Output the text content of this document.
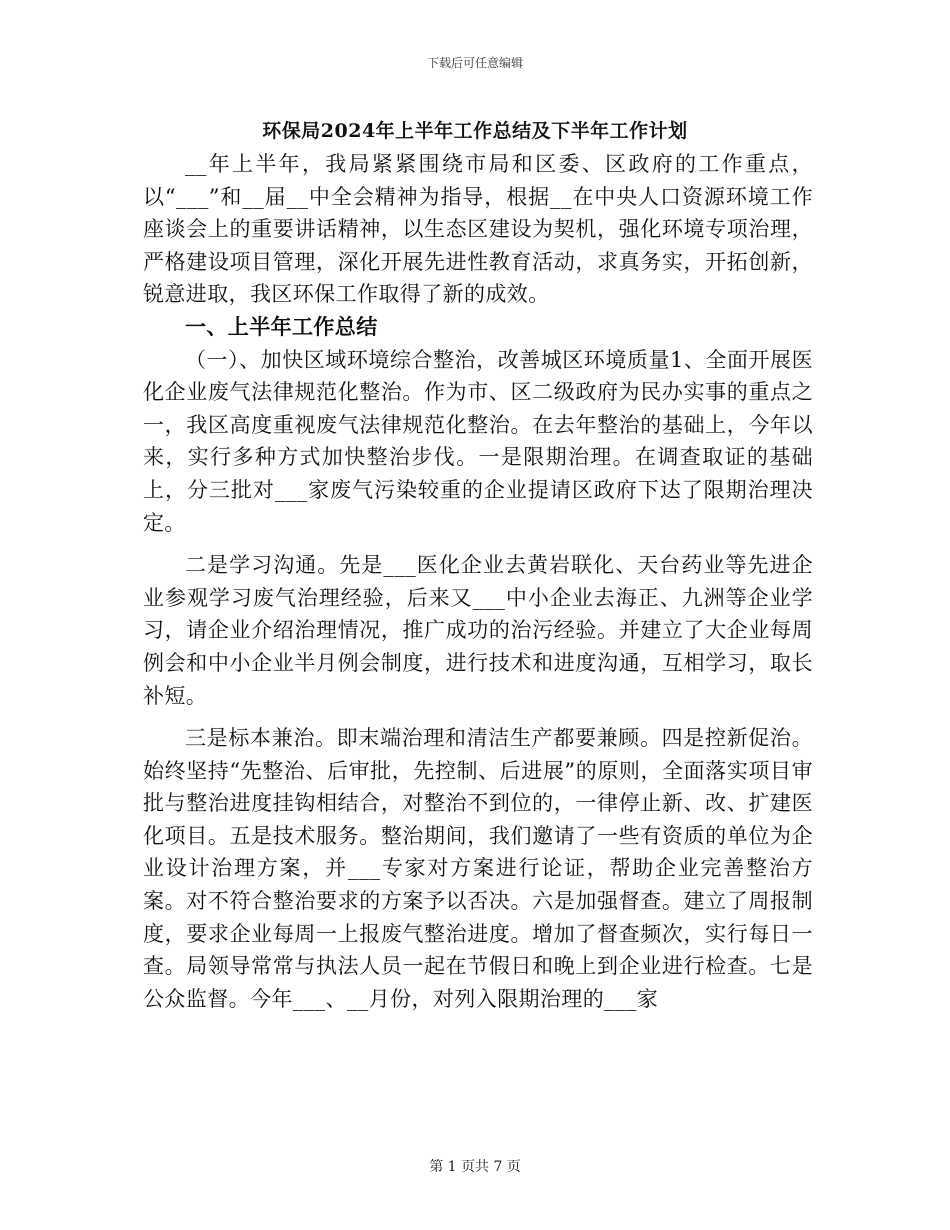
下载后可任意编辑
环保局2024年上半年工作总结及下半年工作计划

__年上半年，我局紧紧围绕市局和区委、区政府的工作重点，以“___”和__届__中全会精神为指导，根据__在中央人口资源环境工作座谈会上的重要讲话精神，以生态区建设为契机，强化环境专项治理，严格建设项目管理，深化开展先进性教育活动，求真务实，开拓创新，锐意进取，我区环保工作取得了新的成效。

一、上半年工作总结

（一）、加快区域环境综合整治，改善城区环境质量1、全面开展医化企业废气法律规范化整治。作为市、区二级政府为民办实事的重点之一，我区高度重视废气法律规范化整治。在去年整治的基础上，今年以来，实行多种方式加快整治步伐。一是限期治理。在调查取证的基础上，分三批对___家废气污染较重的企业提请区政府下达了限期治理决定。

二是学习沟通。先是___医化企业去黄岩联化、天台药业等先进企业参观学习废气治理经验，后来又___中小企业去海正、九洲等企业学习，请企业介绍治理情况，推广成功的治污经验。并建立了大企业每周例会和中小企业半月例会制度，进行技术和进度沟通，互相学习，取长补短。

三是标本兼治。即末端治理和清洁生产都要兼顾。四是控新促治。始终坚持“先整治、后审批，先控制、后进展”的原则，全面落实项目审批与整治进度挂钩相结合，对整治不到位的，一律停止新、改、扩建医化项目。五是技术服务。整治期间，我们邀请了一些有资质的单位为企业设计治理方案，并___专家对方案进行论证，帮助企业完善整治方案。对不符合整治要求的方案予以否决。六是加强督查。建立了周报制度，要求企业每周一上报废气整治进度。增加了督查频次，实行每日一查。局领导常常与执法人员一起在节假日和晚上到企业进行检查。七是公众监督。今年___、__月份，对列入限期治理的___家

第 1 页共 7 页
